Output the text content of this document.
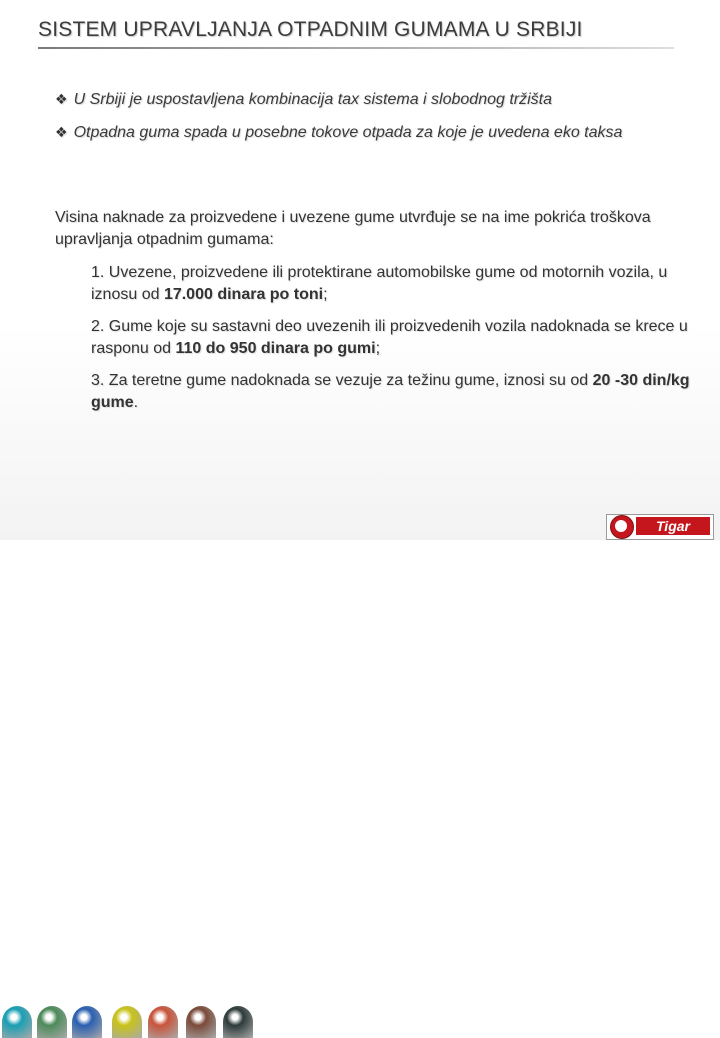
SISTEM UPRAVLJANJA OTPADNIM GUMAMA U SRBIJI
❖ U Srbiji je uspostavljena kombinacija tax sistema i slobodnog tržišta
❖ Otpadna guma spada u posebne tokove otpada za koje je uvedena eko taksa
Visina naknade za proizvedene i uvezene gume utvrđuje se na ime pokrića troškova upravljanja otpadnim gumama:
1. Uvezene, proizvedene ili protektirane automobilske gume od motornih vozila, u iznosu od 17.000 dinara po toni;
2. Gume koje su sastavni deo uvezenih ili proizvedenih vozila nadoknada se krece u rasponu od 110 do 950 dinara po gumi;
3. Za teretne gume nadoknada se vezuje za težinu gume, iznosi su od 20 -30 din/kg gume.
Tigar
